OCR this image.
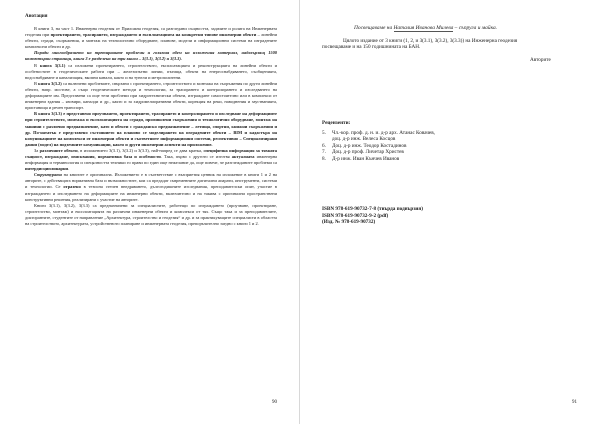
Анотация

В книги 3, на част 1. Инженерна геодезия от Приложна геодезия, са разгледани същността, задачите и ролята на Инженерната геодезия при проектирането, трасирането, изграждането и експлоатацията на конкретни типове инженерни обекти – линейни обекти, сгради, съоръжения, и монтаж на технологично оборудване, планове, модели и информационни системи на изградените комплексни обекти и др.

Поради многообразието на третираните проблеми и голямия обем на изложения материал, надхвърлящ 1500 компютърни страници, книга 3 е разделена на три книги – 3(3.1), 3(3.2) и 3(3.3).

В книга 3(3.1) са изложени проектирането, строителството, експлоатацията и реконструкцията на линейни обекти и особеностите в геодезическите работи при – железопътни линии, пътища, обекти на енергоснабдяването, съобщенията, водоснабдяване и канализация, вкопни канали, както и на тунели и метрополитени.

В книга 3(3.2) са включени проблемите, свързани с проектирането, строителството и монтажа на съоръжения по други линейни обекти, напр. мостове, а също геодезическите методи и технологии, за трасирането и контролирането и изследването на деформациите им. Представени са още тези проблеми при хидротехнически обекти, изграждане самостоятелно или в комплекси от инженерни здания – язовири, каналди и др., както и за хидромелиоративни обекти, корекция на реки, наводнения и заустванията, пристанища и речен транспорт.

В книга 3(3.3) е представено проучването, проектирането, трасирането и контролирането и изследване на деформациите при строителството, монтажа и експлоатацията на сгради, промишлени съоръжения и технологично оборудване, монтаж на машини с различно предназначение, като и обекти с гражданско предназначение – летища, спортни, книжни съоръжения и др. По-нататък е представено състоянието на планово се моделирането на изградените обекти – BIM и кадастъра на комуникациите на комплекси от инженерни обекти и съответните информационни системи, респективно – Специализирани данни (модел) на подземните комуникации, както и други инженерни аспекти на приложение.

За различните обекти, в изложението 3(3.1), 3(3.2) и 3(3.3), най-напред се дава кратка, специфична информация за тяхната същност, изграждане, изисквания, нормативна база и особености. Така, първо с другото се изготвя актуалната инженерна информация и терминология и спецялността техники го прави по един още нежелание да, още повече, че разглежданите проблеми са интердисциплинарни.

Структурата на книгите е оригинална. Изложението е в съответствие с възприетия ценник на изложение в книги 1 и 2 на авторите, с действащата нормативна база и възможностите, кои са предадат съвременните дигитални апарати, инструменти, системи и технологии. Се отразено в тезисна степен внедряването, дългогодишните изследвания, преподавателски опит, участие в изграждането и изследването на деформациите на инженерни обекти, включително и на такива с оригинални пространствени конструктивни решения, реализирани с участие на авторите.

Книги 3(3.1), 3(3.2), 3(3.3) са предназначени за специалистите, работещи по изграждането (проучване, проектиране, строителство, монтаж) и експлоатацията на различни инженерни обекти и комплекси от тях. Също така и за преподавателите, докторантите, студентите от направление „Архитектура, строителство и геодезия“ и др. и за практикуващите специалисти в областта на строителството, архитектурата, устройственото планиране и инженерната геодезия, препоръчително заедно с книги 1 и 2.

90	91
Посвещаваме на Наталия Иванова Милева – съпруга и майка.
Цялото издание от 3 книги (1, 2, и 3(3.1), 3(3.2), 3(3.3)) на Инженерна геодезия
посвещаваме и на 150 годишнината на БАН.
Авторите
Рецензенти:
5.	Чл.-кор. проф. д. н. и. д-р арх. Атанас Ковачев,
доц. д-р инж. Велеса Косцов
6.	Доц. д-р инж. Теодор Костадинов
7.	Доц. д-р проф. Личетар Христев
8.	Д-р инж. Иван Кънчев Иванов
ISBN 978-619-90732-7-8 (твърда подвързия)
ISBN 978-619-90732-9-2 (pdf)
(Изд. № 978-619-90732)
